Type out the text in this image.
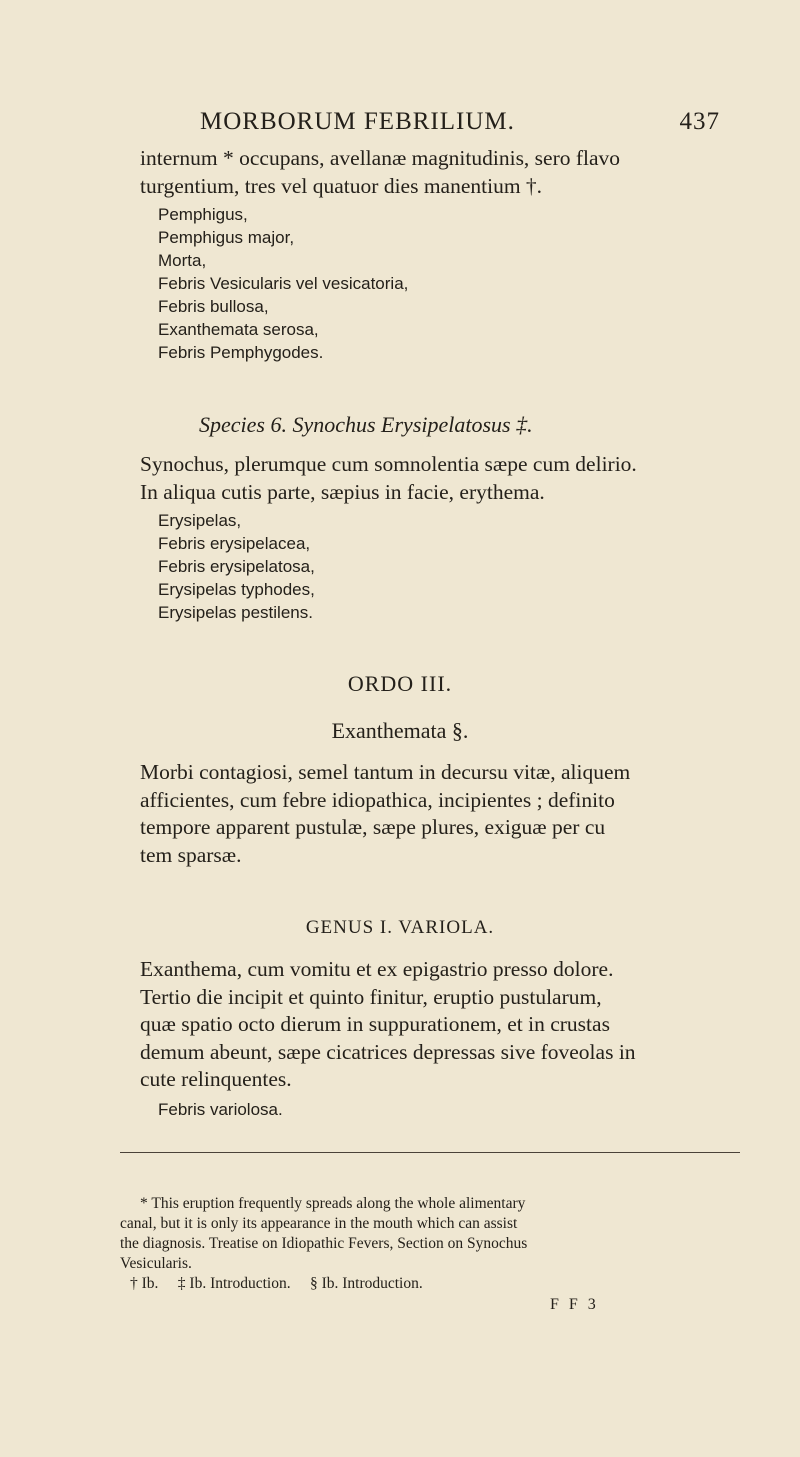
MORBORUM FEBRILIUM.	437
internum * occupans, avellanæ magnitudinis, sero flavo
turgentium, tres vel quatuor dies manentium †.
Pemphigus,
Pemphigus major,
Morta,
Febris Vesicularis vel vesicatoria,
Febris bullosa,
Exanthemata serosa,
Febris Pemphygodes.
Species 6. Synochus Erysipelatosus ‡.
Synochus, plerumque cum somnolentia sæpe cum delirio.
In aliqua cutis parte, sæpius in facie, erythema.
Erysipelas,
Febris erysipelacea,
Febris erysipelatosa,
Erysipelas typhodes,
Erysipelas pestilens.
ORDO III.
Exanthemata §.
Morbi contagiosi, semel tantum in decursu vitæ, aliquem
afficientes, cum febre idiopathica, incipientes ; definito
tempore apparent pustulæ, sæpe plures, exiguæ per cu
tem sparsæ.
GENUS I. VARIOLA.
Exanthema, cum vomitu et ex epigastrio presso dolore.
Tertio die incipit et quinto finitur, eruptio pustularum,
quæ spatio octo dierum in suppurationem, et in crustas
demum abeunt, sæpe cicatrices depressas sive foveolas in
cute relinquentes.
Febris variolosa.

* This eruption frequently spreads along the whole alimentary

canal, but it is only its appearance in the mouth which can assist

the diagnosis. Treatise on Idiopathic Fevers, Section on Synochus

Vesicularis.

† Ib.     ‡ Ib. Introduction.     § Ib. Introduction.

F F 3
